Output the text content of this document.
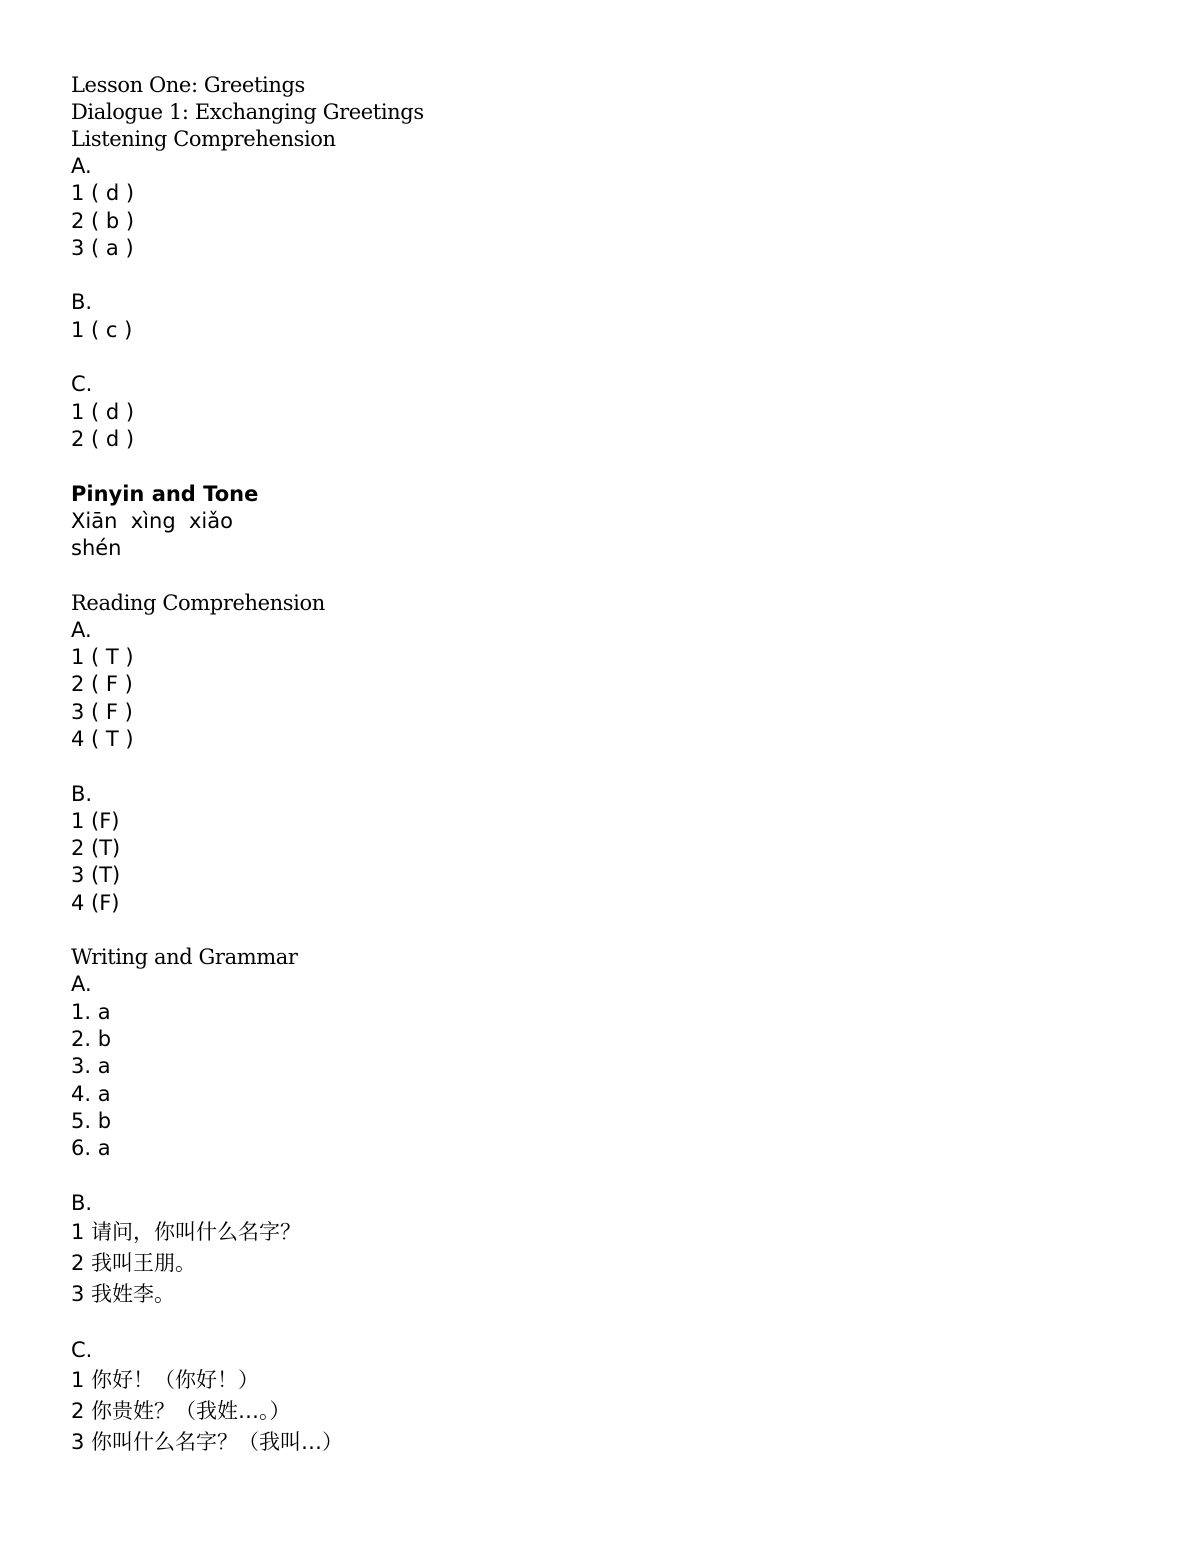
Lesson One: Greetings
Dialogue 1: Exchanging Greetings
Listening Comprehension
A.
1 ( d )
2 ( b )
3 ( a )
B.
1 ( c )
C.
1 ( d )
2 ( d )
Pinyin and Tone
Xiān  xìng  xiǎo
shén
Reading Comprehension
A.
1 ( T )
2 ( F )
3 ( F )
4 ( T )
B.
1 (F)
2 (T)
3 (T)
4 (F)
Writing and Grammar
A.
1. a
2. b
3. a
4. a
5. b
6. a
B.
1 请问，你叫什么名字？
2 我叫王朋。
3 我姓李。
C.
1 你好！（你好！）
2 你贵姓？（我姓…。）
3 你叫什么名字？（我叫…）
